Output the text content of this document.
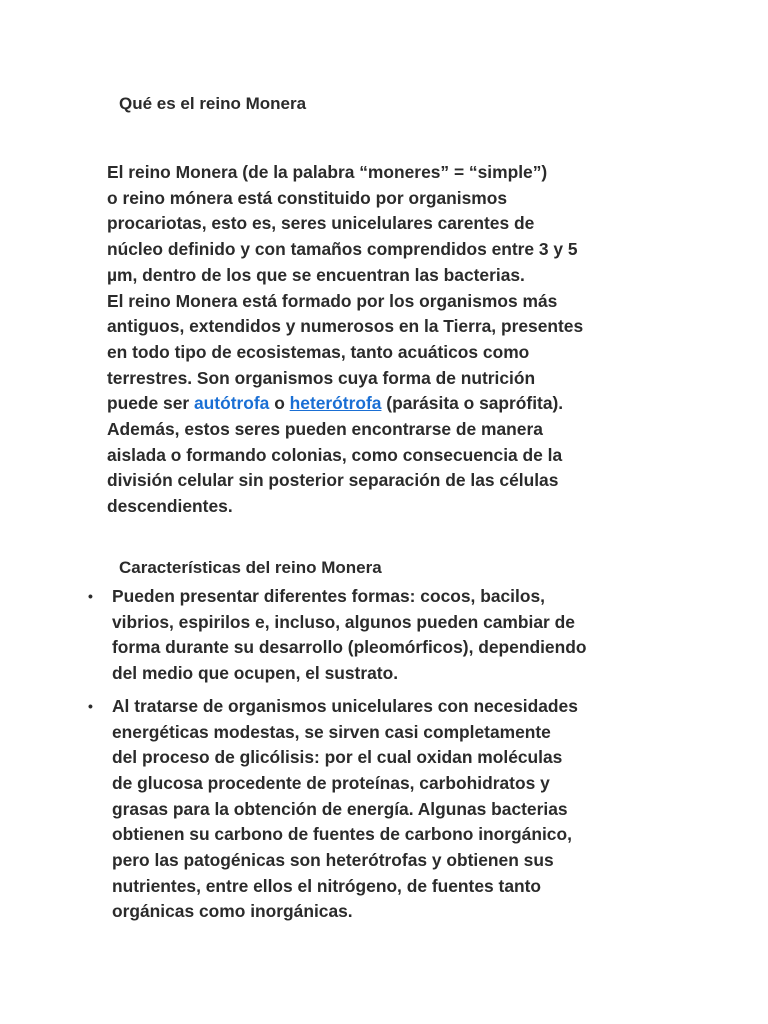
Qué es el reino Monera
El reino Monera (de la palabra “moneres” = “simple”)
o reino mónera está constituido por organismos
procariotas, esto es, seres unicelulares carentes de
núcleo definido y con tamaños comprendidos entre 3 y 5
µm, dentro de los que se encuentran las bacterias.
El reino Monera está formado por los organismos más
antiguos, extendidos y numerosos en la Tierra, presentes
en todo tipo de ecosistemas, tanto acuáticos como
terrestres. Son organismos cuya forma de nutrición
puede ser autótrofa o heterótrofa (parásita o saprófita).
Además, estos seres pueden encontrarse de manera
aislada o formando colonias, como consecuencia de la
división celular sin posterior separación de las células
descendientes.
Características del reino Monera
• Pueden presentar diferentes formas: cocos, bacilos,
vibrios, espirilos e, incluso, algunos pueden cambiar de
forma durante su desarrollo (pleomórficos), dependiendo
del medio que ocupen, el sustrato.
• Al tratarse de organismos unicelulares con necesidades
energéticas modestas, se sirven casi completamente
del proceso de glicólisis: por el cual oxidan moléculas
de glucosa procedente de proteínas, carbohidratos y
grasas para la obtención de energía. Algunas bacterias
obtienen su carbono de fuentes de carbono inorgánico,
pero las patogénicas son heterótrofas y obtienen sus
nutrientes, entre ellos el nitrógeno, de fuentes tanto
orgánicas como inorgánicas.
